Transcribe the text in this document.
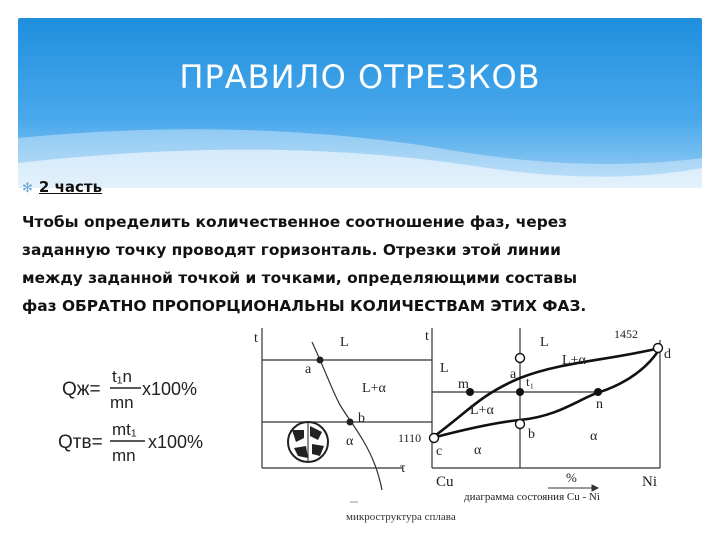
ПРАВИЛО ОТРЕЗКОВ
✻ 2 часть
Чтобы определить количественное соотношение фаз, через
заданную точку проводят горизонталь. Отрезки этой линии
между заданной точкой и точками, определяющими составы
фаз ОБРАТНО ПРОПОРЦИОНАЛЬНЫ КОЛИЧЕСТВАМ ЭТИХ ФАЗ.
Qж=
t₁n
mn
x100%
Qтв=
mt₁
mn
x100%
t
τ
L
L+α
α
a
b
микроструктура сплава
t	1452
1110
L
L
L+α
L+α
α
α
a
b
c
d
m
n
t₁
Cu	Ni
%
диаграмма состояния Cu - Ni
